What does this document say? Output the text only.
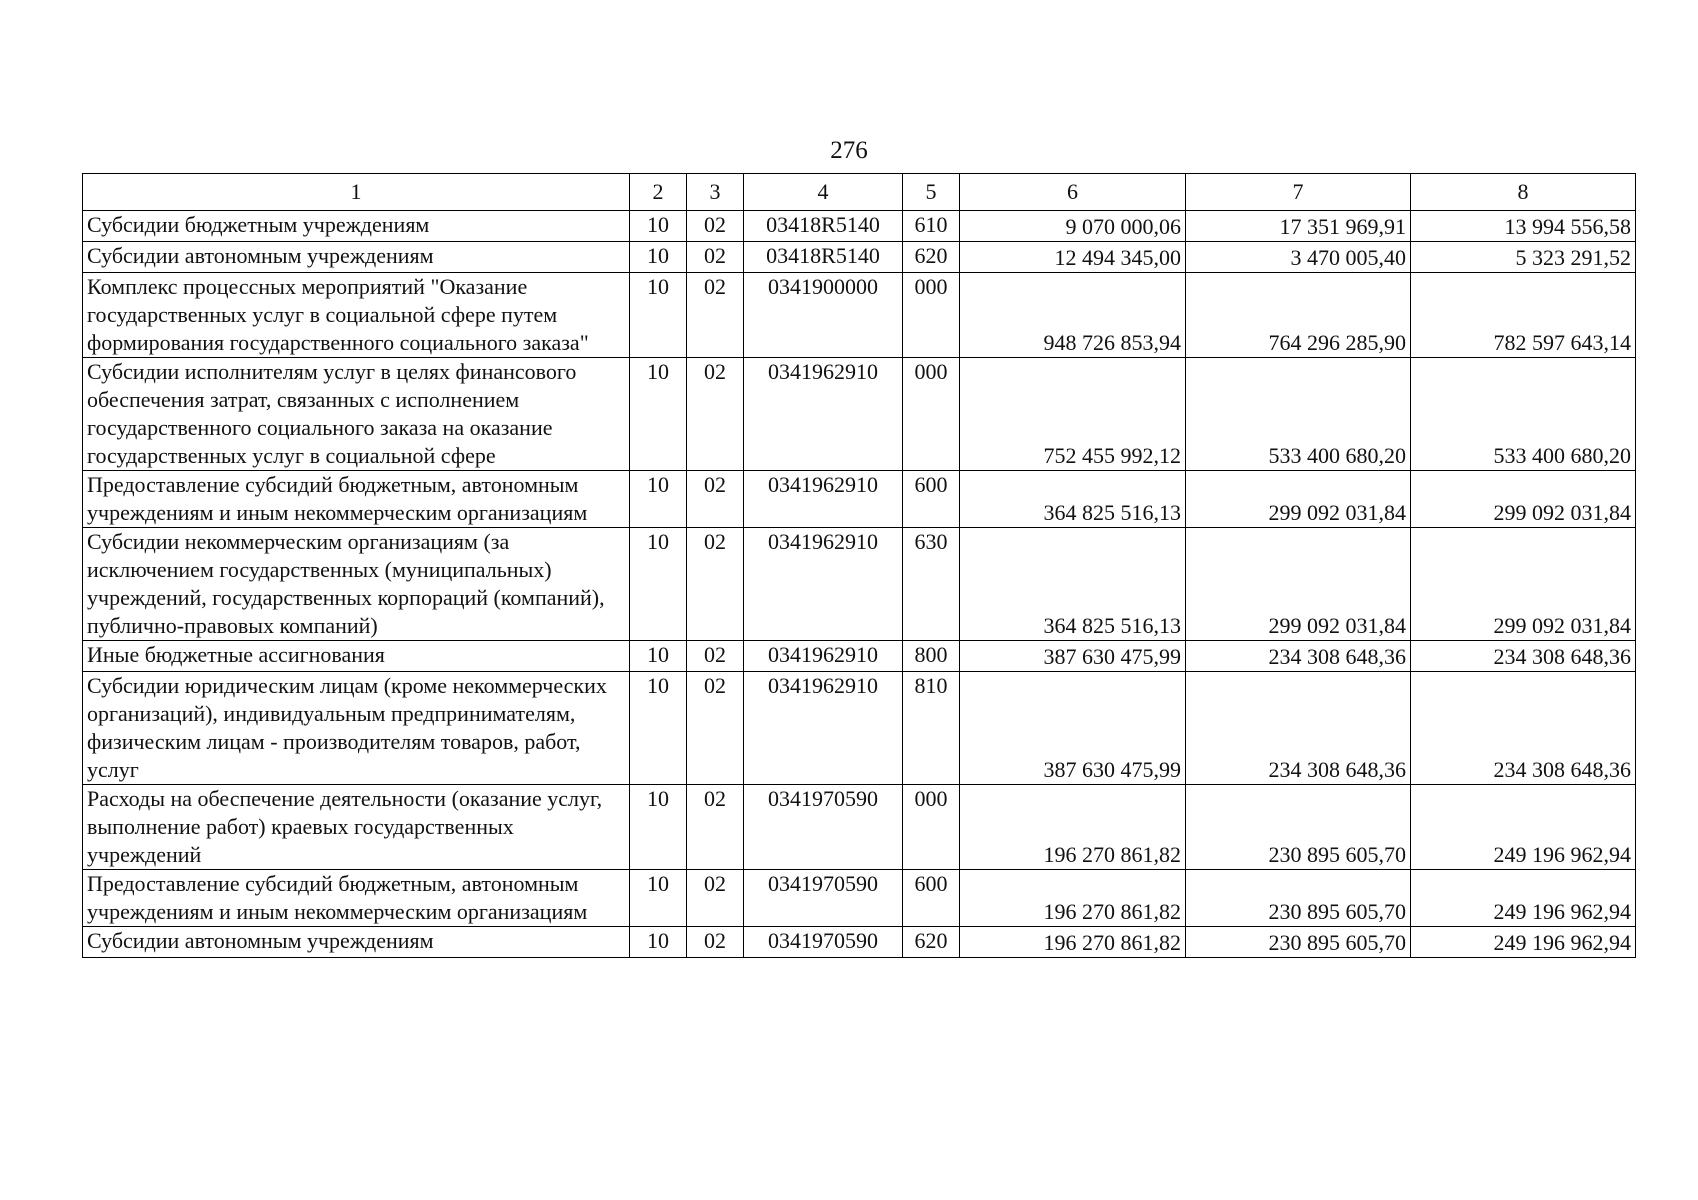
276
1	2	3	4	5	6	7	8
Субсидии бюджетным учреждениям	10	02	03418R5140	610	9 070 000,06	17 351 969,91	13 994 556,58
Субсидии автономным учреждениям	10	02	03418R5140	620	12 494 345,00	3 470 005,40	5 323 291,52
Комплекс процессных мероприятий "Оказание государственных услуг в социальной сфере путем формирования государственного социального заказа"	10	02	0341900000	000	948 726 853,94	764 296 285,90	782 597 643,14
Субсидии исполнителям услуг в целях финансового обеспечения затрат, связанных с исполнением государственного социального заказа на оказание государственных услуг в социальной сфере	10	02	0341962910	000	752 455 992,12	533 400 680,20	533 400 680,20
Предоставление субсидий бюджетным, автономным учреждениям и иным некоммерческим организациям	10	02	0341962910	600	364 825 516,13	299 092 031,84	299 092 031,84
Субсидии некоммерческим организациям (за исключением государственных (муниципальных) учреждений, государственных корпораций (компаний), публично-правовых компаний)	10	02	0341962910	630	364 825 516,13	299 092 031,84	299 092 031,84
Иные бюджетные ассигнования	10	02	0341962910	800	387 630 475,99	234 308 648,36	234 308 648,36
Субсидии юридическим лицам (кроме некоммерческих организаций), индивидуальным предпринимателям, физическим лицам - производителям товаров, работ, услуг	10	02	0341962910	810	387 630 475,99	234 308 648,36	234 308 648,36
Расходы на обеспечение деятельности (оказание услуг, выполнение работ) краевых государственных учреждений	10	02	0341970590	000	196 270 861,82	230 895 605,70	249 196 962,94
Предоставление субсидий бюджетным, автономным учреждениям и иным некоммерческим организациям	10	02	0341970590	600	196 270 861,82	230 895 605,70	249 196 962,94
Субсидии автономным учреждениям	10	02	0341970590	620	196 270 861,82	230 895 605,70	249 196 962,94
